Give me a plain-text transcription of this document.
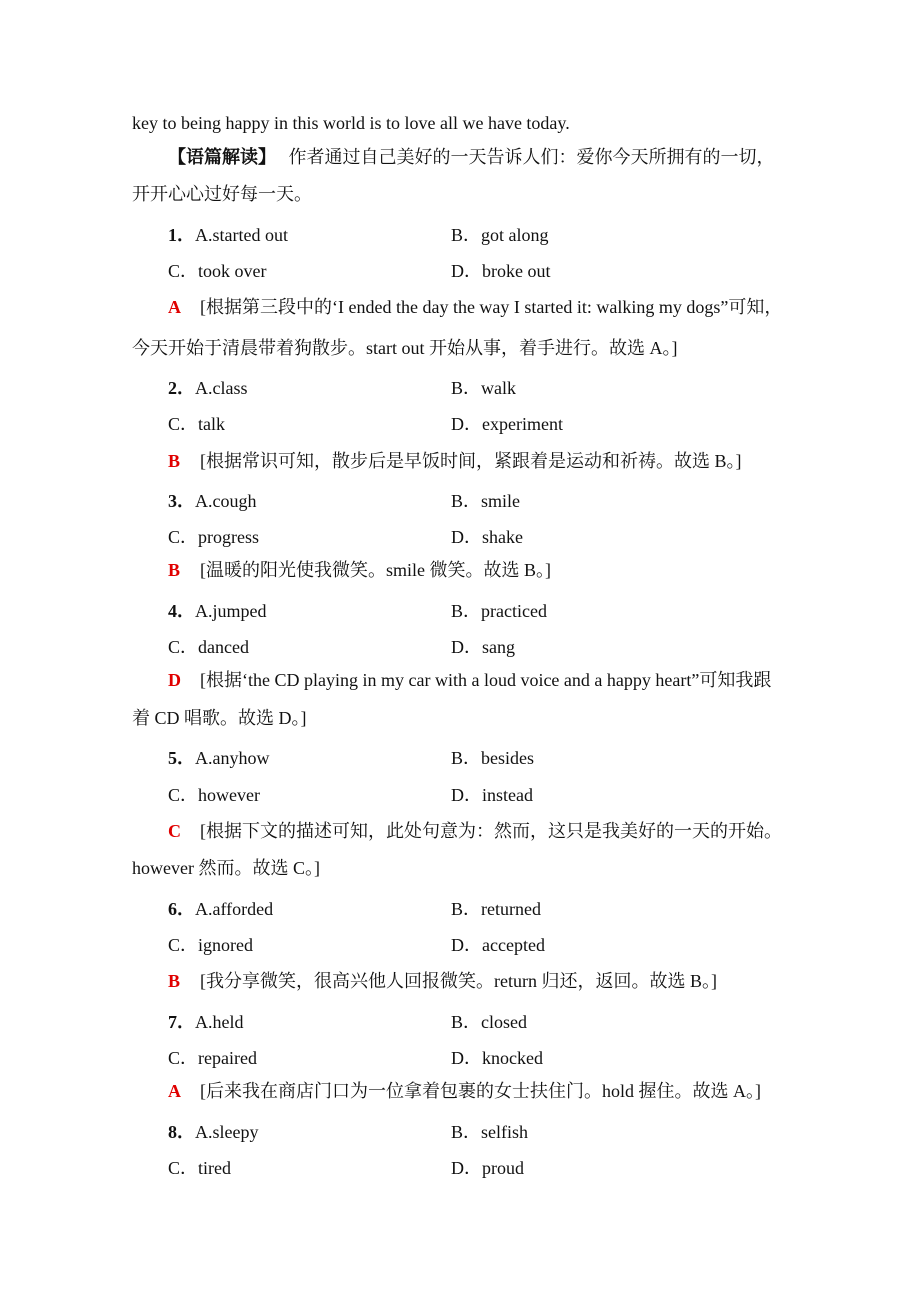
key to being happy in this world is to love all we have today.
【语篇解读】 作者通过自己美好的一天告诉人们：爱你今天所拥有的一切，
开开心心过好每一天。
1．A.started out	B．got along
C．took over	D．broke out
A [根据第三段中的‘I ended the day the way I started it: walking my dogs”可知，
今天开始于清晨带着狗散步。start out 开始从事，着手进行。故选 A。]
2．A.class	B．walk
C．talk	D．experiment
B [根据常识可知，散步后是早饭时间，紧跟着是运动和祈祷。故选 B。]
3．A.cough	B．smile
C．progress	D．shake
B [温暖的阳光使我微笑。smile 微笑。故选 B。]
4．A.jumped	B．practiced
C．danced	D．sang
D [根据‘the CD playing in my car with a loud voice and a happy heart”可知我跟
着 CD 唱歌。故选 D。]
5．A.anyhow	B．besides
C．however	D．instead
C [根据下文的描述可知，此处句意为：然而，这只是我美好的一天的开始。
however 然而。故选 C。]
6．A.afforded	B．returned
C．ignored	D．accepted
B [我分享微笑，很高兴他人回报微笑。return 归还，返回。故选 B。]
7．A.held	B．closed
C．repaired	D．knocked
A [后来我在商店门口为一位拿着包裹的女士扶住门。hold 握住。故选 A。]
8．A.sleepy	B．selfish
C．tired	D．proud
